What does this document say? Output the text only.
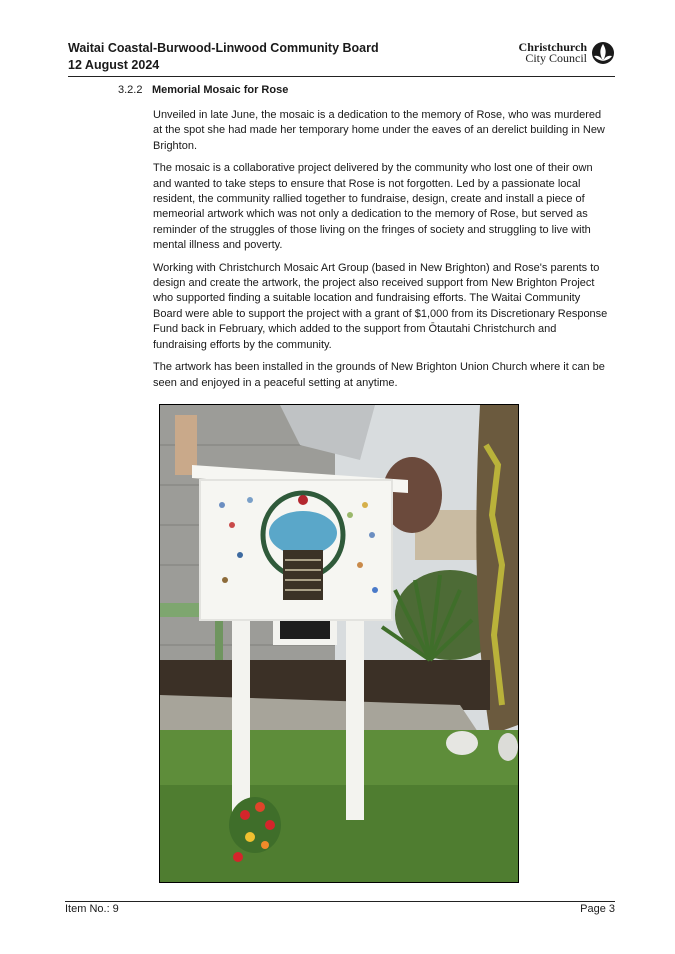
Waitai Coastal-Burwood-Linwood Community Board
12 August 2024
Christchurch
City Council
3.2.2 Memorial Mosaic for Rose

Unveiled in late June, the mosaic is a dedication to the memory of Rose, who was murdered at the spot she had made her temporary home under the eaves of an derelict building in New Brighton.

The mosaic is a collaborative project delivered by the community who lost one of their own and wanted to take steps to ensure that Rose is not forgotten. Led by a passionate local resident, the community rallied together to fundraise, design, create and install a piece of memeorial artwork which was not only a dedication to the memory of Rose, but served as reminder of the struggles of those living on the fringes of society and struggling to live with mental illness and poverty.

Working with Christchurch Mosaic Art Group (based in New Brighton) and Rose's parents to design and create the artwork, the project also received support from New Brighton Project who supported finding a suitable location and fundraising efforts. The Waitai Community Board were able to support the project with a grant of $1,000 from its Discretionary Response Fund back in February, which added to the support from Ōtautahi Christchurch and fundraising efforts by the community.

The artwork has been installed in the grounds of New Brighton Union Church where it can be seen and enjoyed in a peaceful setting at anytime.

Item No.: 9	Page 3
